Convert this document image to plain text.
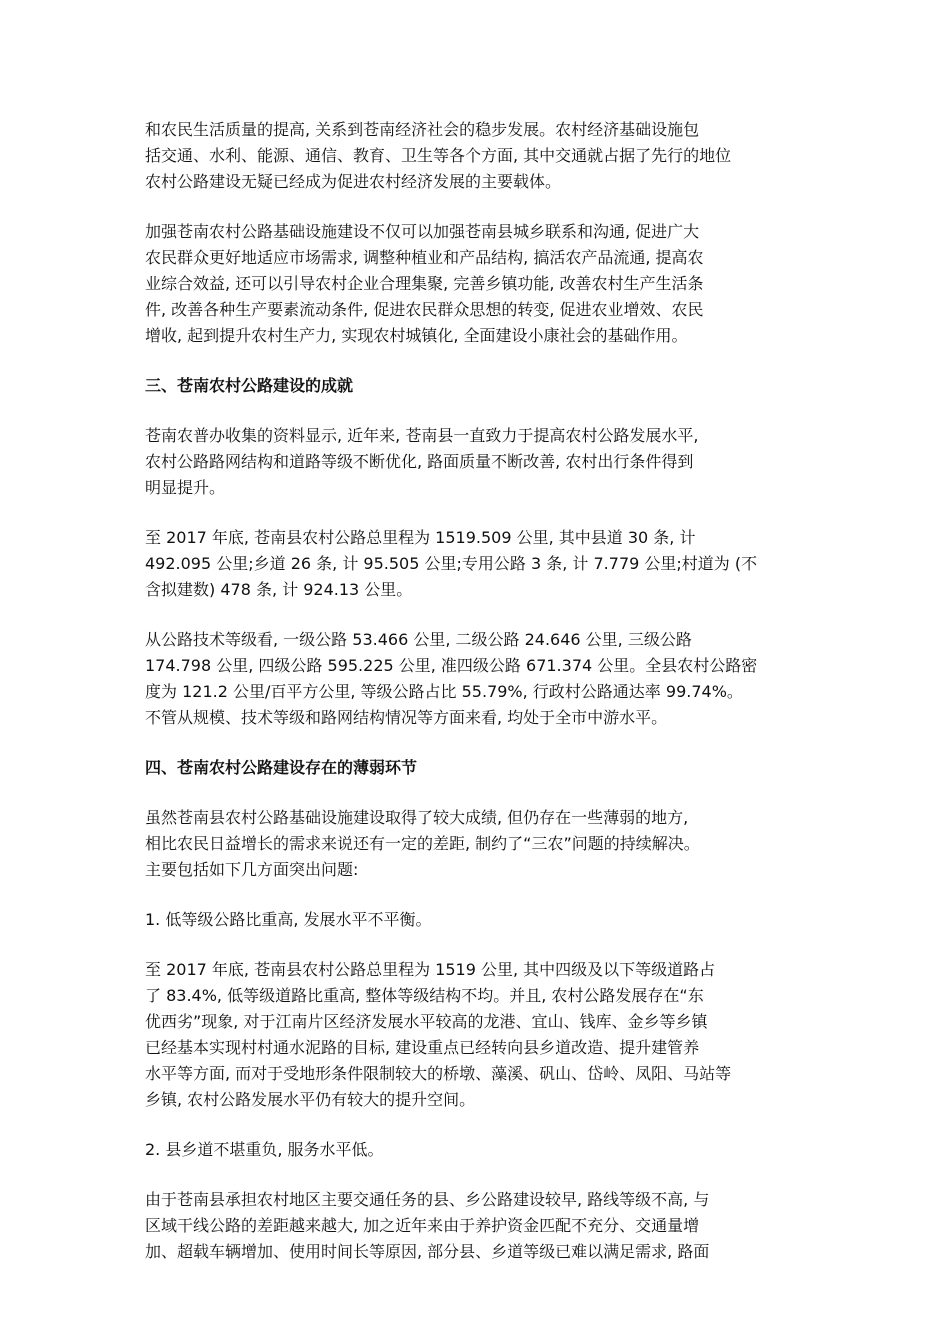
和农民生活质量的提高, 关系到苍南经济社会的稳步发展。农村经济基础设施包
括交通、水利、能源、通信、教育、卫生等各个方面, 其中交通就占据了先行的地位
农村公路建设无疑已经成为促进农村经济发展的主要载体。
加强苍南农村公路基础设施建设不仅可以加强苍南县城乡联系和沟通, 促进广大
农民群众更好地适应市场需求, 调整种植业和产品结构, 搞活农产品流通, 提高农
业综合效益, 还可以引导农村企业合理集聚, 完善乡镇功能, 改善农村生产生活条
件, 改善各种生产要素流动条件, 促进农民群众思想的转变, 促进农业增效、农民
增收, 起到提升农村生产力, 实现农村城镇化, 全面建设小康社会的基础作用。
三、苍南农村公路建设的成就
苍南农普办收集的资料显示, 近年来, 苍南县一直致力于提高农村公路发展水平,
农村公路路网结构和道路等级不断优化, 路面质量不断改善, 农村出行条件得到
明显提升。
至 2017 年底, 苍南县农村公路总里程为 1519.509 公里, 其中县道 30 条, 计
492.095 公里;乡道 26 条, 计 95.505 公里;专用公路 3 条, 计 7.779 公里;村道为 (不
含拟建数) 478 条, 计 924.13 公里。
从公路技术等级看, 一级公路 53.466 公里, 二级公路 24.646 公里, 三级公路
174.798 公里, 四级公路 595.225 公里, 准四级公路 671.374 公里。全县农村公路密
度为 121.2 公里/百平方公里, 等级公路占比 55.79%, 行政村公路通达率 99.74%。
不管从规模、技术等级和路网结构情况等方面来看, 均处于全市中游水平。
四、苍南农村公路建设存在的薄弱环节
虽然苍南县农村公路基础设施建设取得了较大成绩, 但仍存在一些薄弱的地方,
相比农民日益增长的需求来说还有一定的差距, 制约了“三农”问题的持续解决。
主要包括如下几方面突出问题:
1. 低等级公路比重高, 发展水平不平衡。
至 2017 年底, 苍南县农村公路总里程为 1519 公里, 其中四级及以下等级道路占
了 83.4%, 低等级道路比重高, 整体等级结构不均。并且, 农村公路发展存在“东
优西劣”现象, 对于江南片区经济发展水平较高的龙港、宜山、钱库、金乡等乡镇
已经基本实现村村通水泥路的目标, 建设重点已经转向县乡道改造、提升建管养
水平等方面, 而对于受地形条件限制较大的桥墩、藻溪、矾山、岱岭、凤阳、马站等
乡镇, 农村公路发展水平仍有较大的提升空间。
2. 县乡道不堪重负, 服务水平低。
由于苍南县承担农村地区主要交通任务的县、乡公路建设较早, 路线等级不高, 与
区域干线公路的差距越来越大, 加之近年来由于养护资金匹配不充分、交通量增
加、超载车辆增加、使用时间长等原因, 部分县、乡道等级已难以满足需求, 路面
